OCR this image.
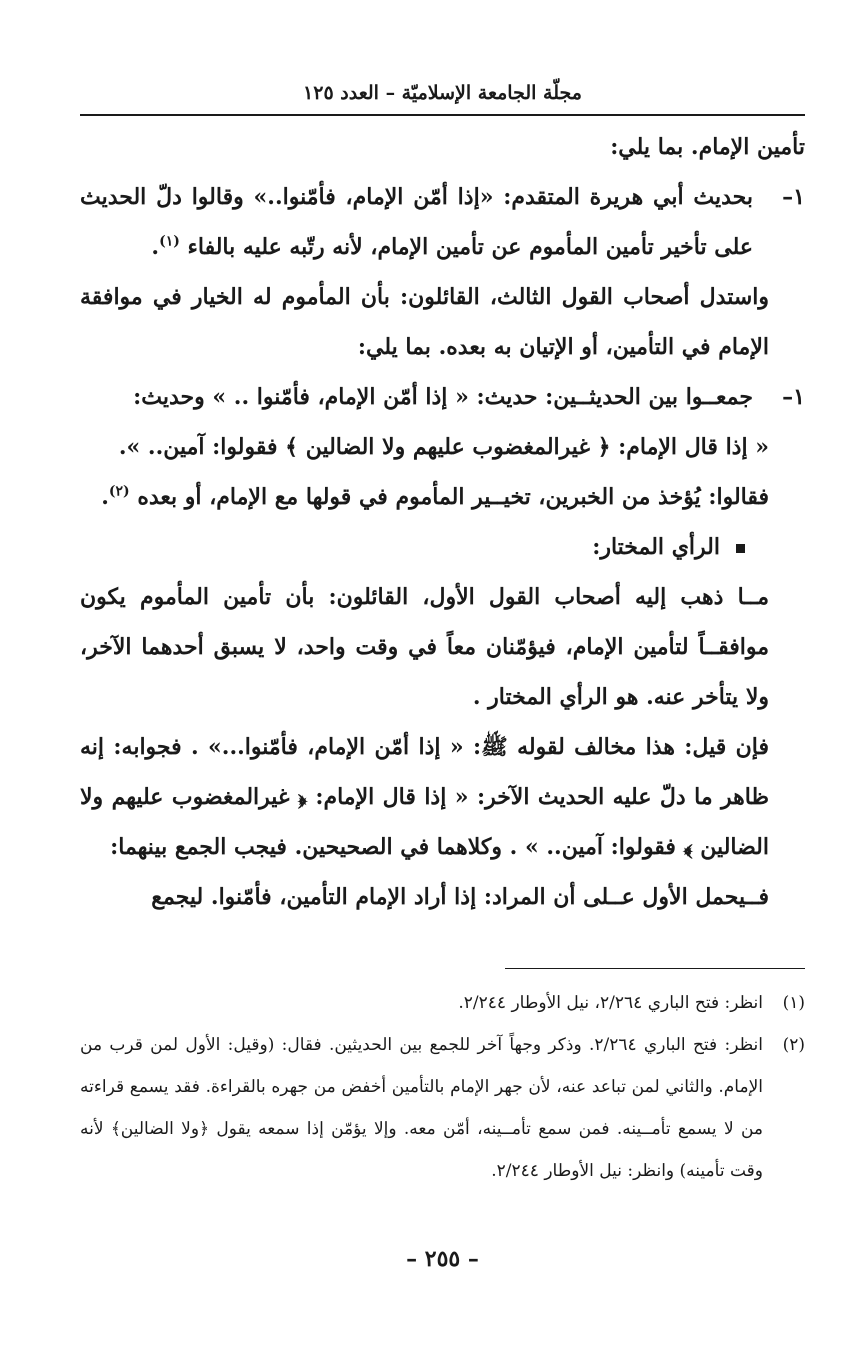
مجلّة الجامعة الإسلاميّة – العدد ١٢٥

تأمين الإمام. بما يلي:

١–
بحديث أبي هريرة المتقدم: «إذا أمّن الإمام، فأمّنوا..» وقالوا دلّ الحديث على تأخير تأمين المأموم عن تأمين الإمام، لأنه رتّبه عليه بالفاء $^{(١)}$.

واستدل أصحاب القول الثالث، القائلون: بأن المأموم له الخيار في موافقة الإمام في التأمين، أو الإتيان به بعده. بما يلي:

١–
جمعــوا بين الحديثــين: حديث: « إذا أمّن الإمام، فأمّنوا .. » وحديث:

« إذا قال الإمام: ﴿ غيرالمغضوب عليهم ولا الضالين ﴾ فقولوا: آمين.. ».

فقالوا: يُؤخذ من الخبرين، تخيــير المأموم في قولها مع الإمام، أو بعده $^{(٢)}$.

الرأي المختار:

مــا ذهب إليه أصحاب القول الأول، القائلون: بأن تأمين المأموم يكون موافقــاً لتأمين الإمام، فيؤمّنان معاً في وقت واحد، لا يسبق أحدهما الآخر، ولا يتأخر عنه. هو الرأي المختار .

فإن قيل: هذا مخالف لقوله ﷺ: « إذا أمّن الإمام، فأمّنوا...» . فجوابه: إنه ظاهر ما دلّ عليه الحديث الآخر: « إذا قال الإمام: ﴿ غيرالمغضوب عليهم ولا الضالين ﴾ فقولوا: آمين.. » . وكلاهما في الصحيحين. فيجب الجمع بينهما:

فــيحمل الأول عــلى أن المراد: إذا أراد الإمام التأمين، فأمّنوا. ليجمع

(١)
انظر: فتح الباري ٢/٢٦٤، نيل الأوطار ٢/٢٤٤.

(٢)
انظر: فتح الباري ٢/٢٦٤. وذكر وجهاً آخر للجمع بين الحديثين. فقال: (وقيل: الأول لمن قرب من الإمام. والثاني لمن تباعد عنه، لأن جهر الإمام بالتأمين أخفض من جهره بالقراءة. فقد يسمع قراءته من لا يسمع تأمــينه. فمن سمع تأمــينه، أمّن معه. وإلا يؤمّن إذا سمعه يقول ﴿ولا الضالين﴾ لأنه وقت تأمينه) وانظر: نيل الأوطار ٢/٢٤٤.

– ٢٥٥ –
